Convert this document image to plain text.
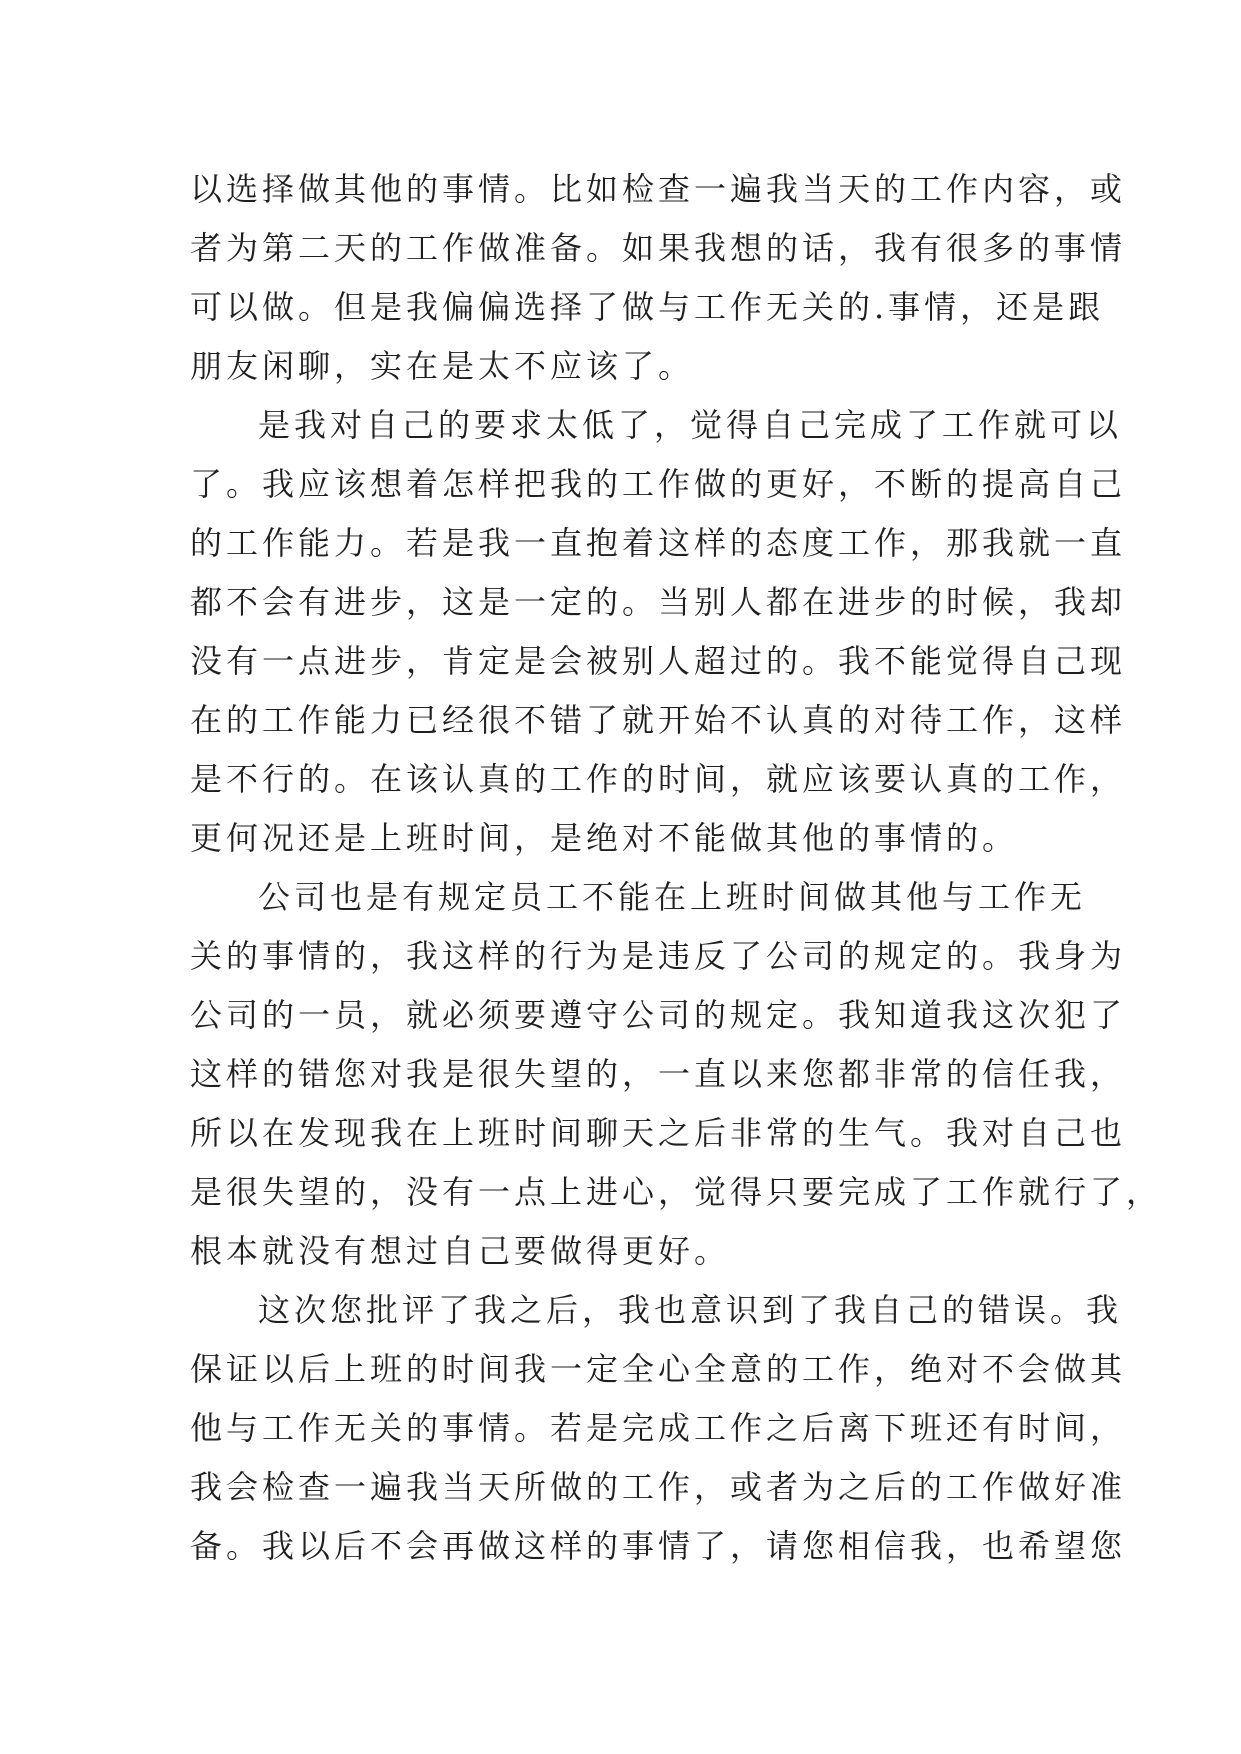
以选择做其他的事情。比如检查一遍我当天的工作内容，或
者为第二天的工作做准备。如果我想的话，我有很多的事情
可以做。但是我偏偏选择了做与工作无关的.事情，还是跟
朋友闲聊，实在是太不应该了。
是我对自己的要求太低了，觉得自己完成了工作就可以
了。我应该想着怎样把我的工作做的更好，不断的提高自己
的工作能力。若是我一直抱着这样的态度工作，那我就一直
都不会有进步，这是一定的。当别人都在进步的时候，我却
没有一点进步，肯定是会被别人超过的。我不能觉得自己现
在的工作能力已经很不错了就开始不认真的对待工作，这样
是不行的。在该认真的工作的时间，就应该要认真的工作，
更何况还是上班时间，是绝对不能做其他的事情的。
公司也是有规定员工不能在上班时间做其他与工作无
关的事情的，我这样的行为是违反了公司的规定的。我身为
公司的一员，就必须要遵守公司的规定。我知道我这次犯了
这样的错您对我是很失望的，一直以来您都非常的信任我，
所以在发现我在上班时间聊天之后非常的生气。我对自己也
是很失望的，没有一点上进心，觉得只要完成了工作就行了，
根本就没有想过自己要做得更好。
这次您批评了我之后，我也意识到了我自己的错误。我
保证以后上班的时间我一定全心全意的工作，绝对不会做其
他与工作无关的事情。若是完成工作之后离下班还有时间，
我会检查一遍我当天所做的工作，或者为之后的工作做好准
备。我以后不会再做这样的事情了，请您相信我，也希望您
